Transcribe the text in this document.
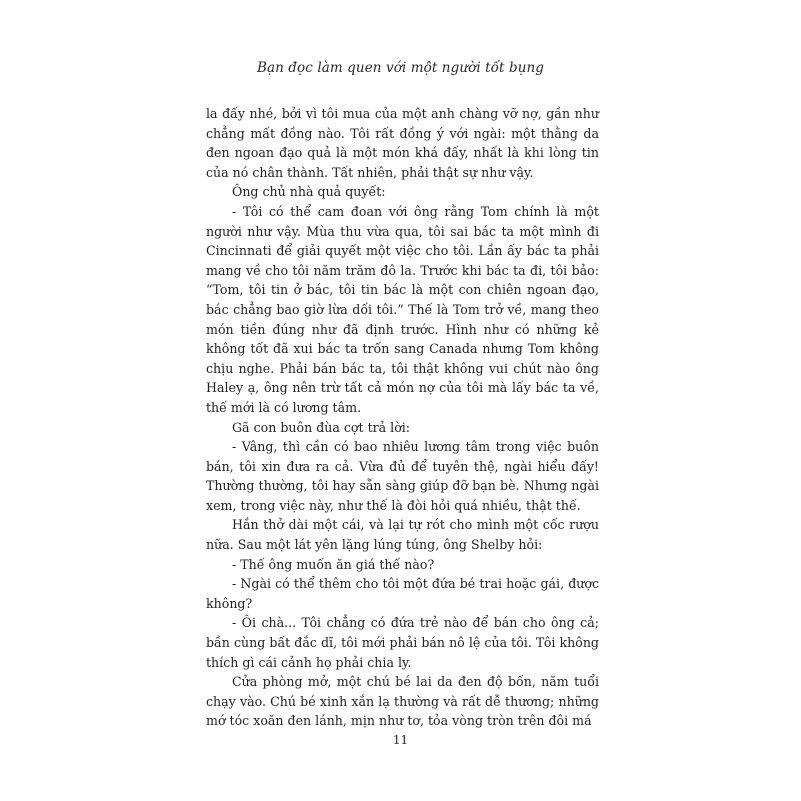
Bạn đọc làm quen với một người tốt bụng

la đấy nhé, bởi vì tôi mua của một anh chàng vỡ nợ, gần như chẳng mất đồng nào. Tôi rất đồng ý với ngài: một thằng da đen ngoan đạo quả là một món khá đấy, nhất là khi lòng tin của nó chân thành. Tất nhiên, phải thật sự như vậy.

Ông chủ nhà quả quyết:

- Tôi có thể cam đoan với ông rằng Tom chính là một người như vậy. Mùa thu vừa qua, tôi sai bác ta một mình đi Cincinnati để giải quyết một việc cho tôi. Lần ấy bác ta phải mang về cho tôi năm trăm đô la. Trước khi bác ta đi, tôi bảo: “Tom, tôi tin ở bác, tôi tin bác là một con chiên ngoan đạo, bác chẳng bao giờ lừa dối tôi.” Thế là Tom trở về, mang theo món tiền đúng như đã định trước. Hình như có những kẻ không tốt đã xui bác ta trốn sang Canada nhưng Tom không chịu nghe. Phải bán bác ta, tôi thật không vui chút nào ông Haley ạ, ông nên trừ tất cả món nợ của tôi mà lấy bác ta về, thế mới là có lương tâm.

Gã con buôn đùa cợt trả lời:

- Vâng, thì cần có bao nhiêu lương tâm trong việc buôn bán, tôi xin đưa ra cả. Vừa đủ để tuyên thệ, ngài hiểu đấy! Thường thường, tôi hay sẵn sàng giúp đỡ bạn bè. Nhưng ngài xem, trong việc này, như thế là đòi hỏi quá nhiều, thật thế.

Hắn thở dài một cái, và lại tự rót cho mình một cốc rượu nữa. Sau một lát yên lặng lúng túng, ông Shelby hỏi:

- Thế ông muốn ăn giá thế nào?

- Ngài có thể thêm cho tôi một đứa bé trai hoặc gái, được không?

- Ôi chà... Tôi chẳng có đứa trẻ nào để bán cho ông cả; bần cùng bất đắc dĩ, tôi mới phải bán nô lệ của tôi. Tôi không thích gì cái cảnh họ phải chia ly.

Cửa phòng mở, một chú bé lai da đen độ bốn, năm tuổi chạy vào. Chú bé xinh xắn lạ thường và rất dễ thương; những mớ tóc xoăn đen lánh, mịn như tơ, tỏa vòng tròn trên đôi má

11
